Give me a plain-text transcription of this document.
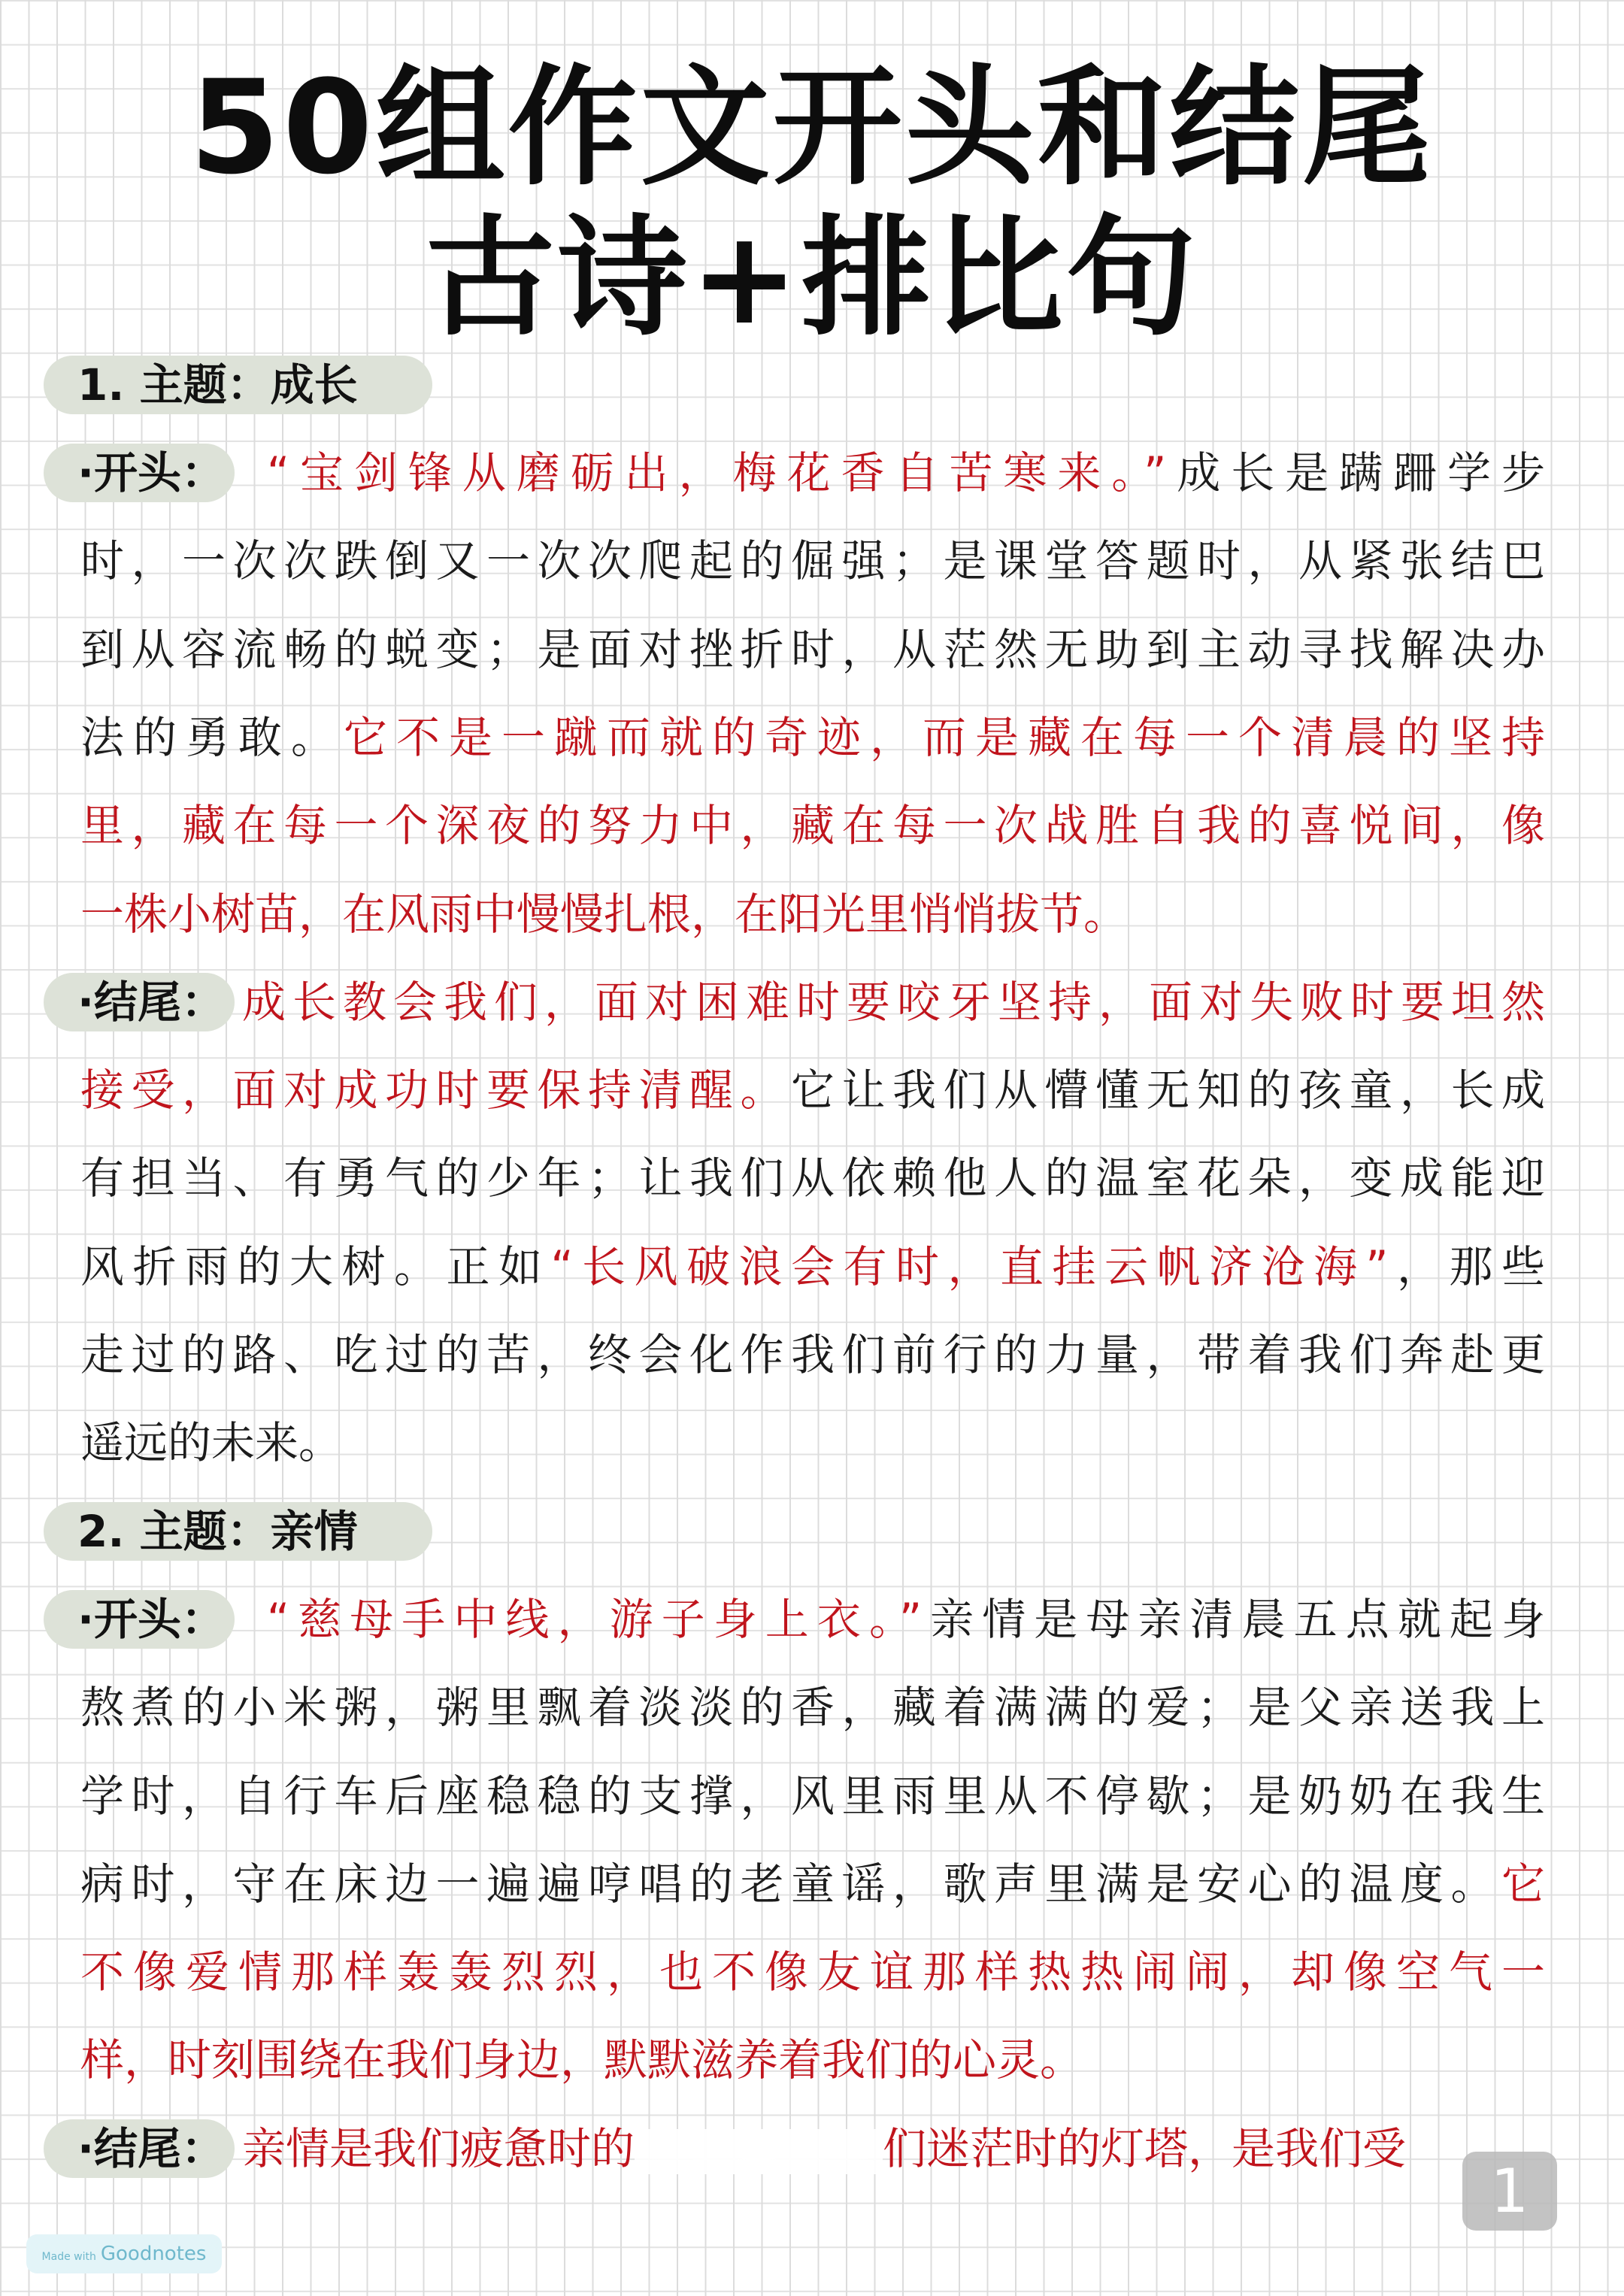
50组作文开头和结尾
古诗+排比句
1. 主题：成长
·开头： “宝剑锋从磨砺出，梅花香自苦寒来。”成长是蹒跚学步
时，一次次跌倒又一次次爬起的倔强；是课堂答题时，从紧张结巴
到从容流畅的蜕变；是面对挫折时，从茫然无助到主动寻找解决办
法的勇敢。它不是一蹴而就的奇迹，而是藏在每一个清晨的坚持
里，藏在每一个深夜的努力中，藏在每一次战胜自我的喜悦间，像
一株小树苗，在风雨中慢慢扎根，在阳光里悄悄拔节。
·结尾： 成长教会我们，面对困难时要咬牙坚持，面对失败时要坦然
接受，面对成功时要保持清醒。它让我们从懵懂无知的孩童，长成
有担当、有勇气的少年；让我们从依赖他人的温室花朵，变成能迎
风折雨的大树。正如“长风破浪会有时，直挂云帆济沧海”，那些
走过的路、吃过的苦，终会化作我们前行的力量，带着我们奔赴更
遥远的未来。
2. 主题：亲情
·开头： “慈母手中线，游子身上衣。”亲情是母亲清晨五点就起身
熬煮的小米粥，粥里飘着淡淡的香，藏着满满的爱；是父亲送我上
学时，自行车后座稳稳的支撑，风里雨里从不停歇；是奶奶在我生
病时，守在床边一遍遍哼唱的老童谣，歌声里满是安心的温度。它
不像爱情那样轰轰烈烈，也不像友谊那样热热闹闹，却像空气一
样，时刻围绕在我们身边，默默滋养着我们的心灵。
·结尾： 亲情是我们疲惫时的	们迷茫时的灯塔，是我们受
1
Made with Goodnotes
